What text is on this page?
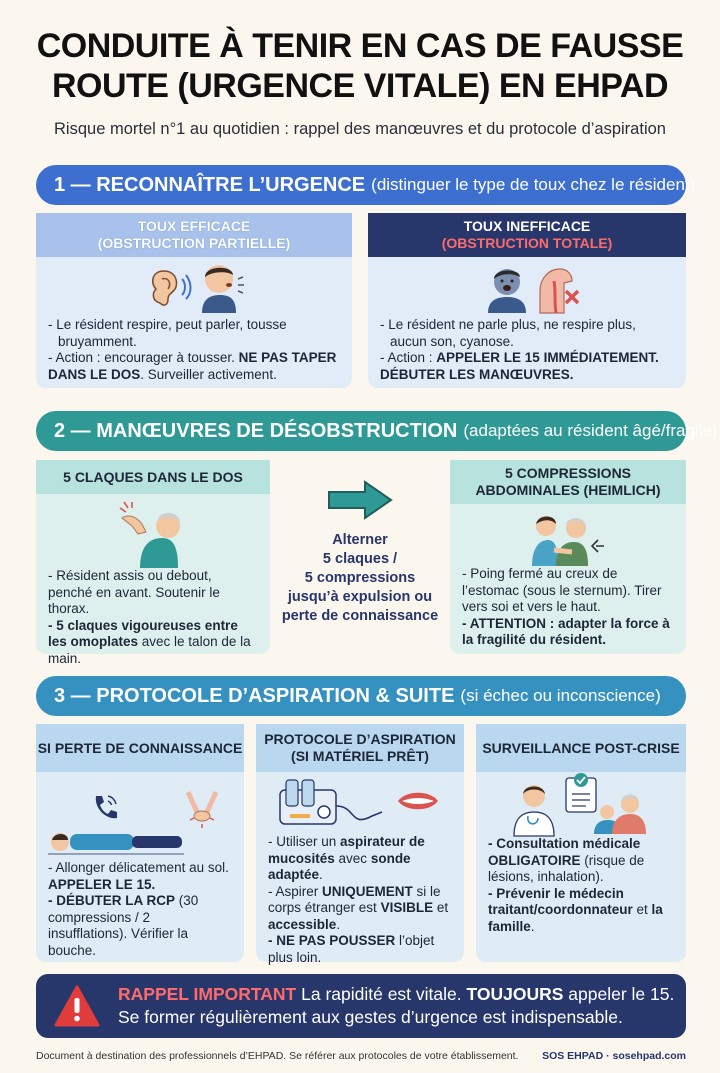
CONDUITE À TENIR EN CAS DE FAUSSE
ROUTE (URGENCE VITALE) EN EHPAD
Risque mortel n°1 au quotidien : rappel des manœuvres et du protocole d’aspiration
1 — RECONNAÎTRE L’URGENCE (distinguer le type de toux chez le résident)
TOUX EFFICACE
(OBSTRUCTION PARTIELLE)

- Le résident respire, peut parler, tousse

bruyamment.

- Action : encourager à tousser. NE PAS TAPER DANS LE DOS. Surveiller activement.

TOUX INEFFICACE
(OBSTRUCTION TOTALE)

- Le résident ne parle plus, ne respire plus,

aucun son, cyanose.

- Action : APPELER LE 15 IMMÉDIATEMENT. DÉBUTER LES MANŒUVRES.

2 — MANŒUVRES DE DÉSOBSTRUCTION (adaptées au résident âgé/fragile)
5 CLAQUES DANS LE DOS

- Résident assis ou debout, penché en avant. Soutenir le thorax.

- 5 claques vigoureuses entre les omoplates avec le talon de la main.

Alterner
5 claques /
5 compressions
jusqu’à expulsion ou
perte de connaissance
5 COMPRESSIONS
ABDOMINALES (HEIMLICH)

- Poing fermé au creux de l’estomac (sous le sternum). Tirer vers soi et vers le haut.

- ATTENTION : adapter la force à la fragilité du résident.

3 — PROTOCOLE D’ASPIRATION & SUITE (si échec ou inconscience)
SI PERTE DE CONNAISSANCE

- Allonger délicatement au sol.

APPELER LE 15.

- DÉBUTER LA RCP (30 compressions / 2 insufflations). Vérifier la bouche.

PROTOCOLE D’ASPIRATION
(SI MATÉRIEL PRÊT)

- Utiliser un aspirateur de mucosités avec sonde adaptée.

- Aspirer UNIQUEMENT si le corps étranger est VISIBLE et accessible.

- NE PAS POUSSER l’objet plus loin.

SURVEILLANCE POST-CRISE

- Consultation médicale OBLIGATOIRE (risque de lésions, inhalation).

- Prévenir le médecin traitant/coordonnateur et la famille.

RAPPEL IMPORTANT La rapidité est vitale. TOUJOURS appeler le 15.
Se former régulièrement aux gestes d’urgence est indispensable.
Document à destination des professionnels d’EHPAD. Se référer aux protocoles de votre établissement. SOS EHPAD · sosehpad.com
